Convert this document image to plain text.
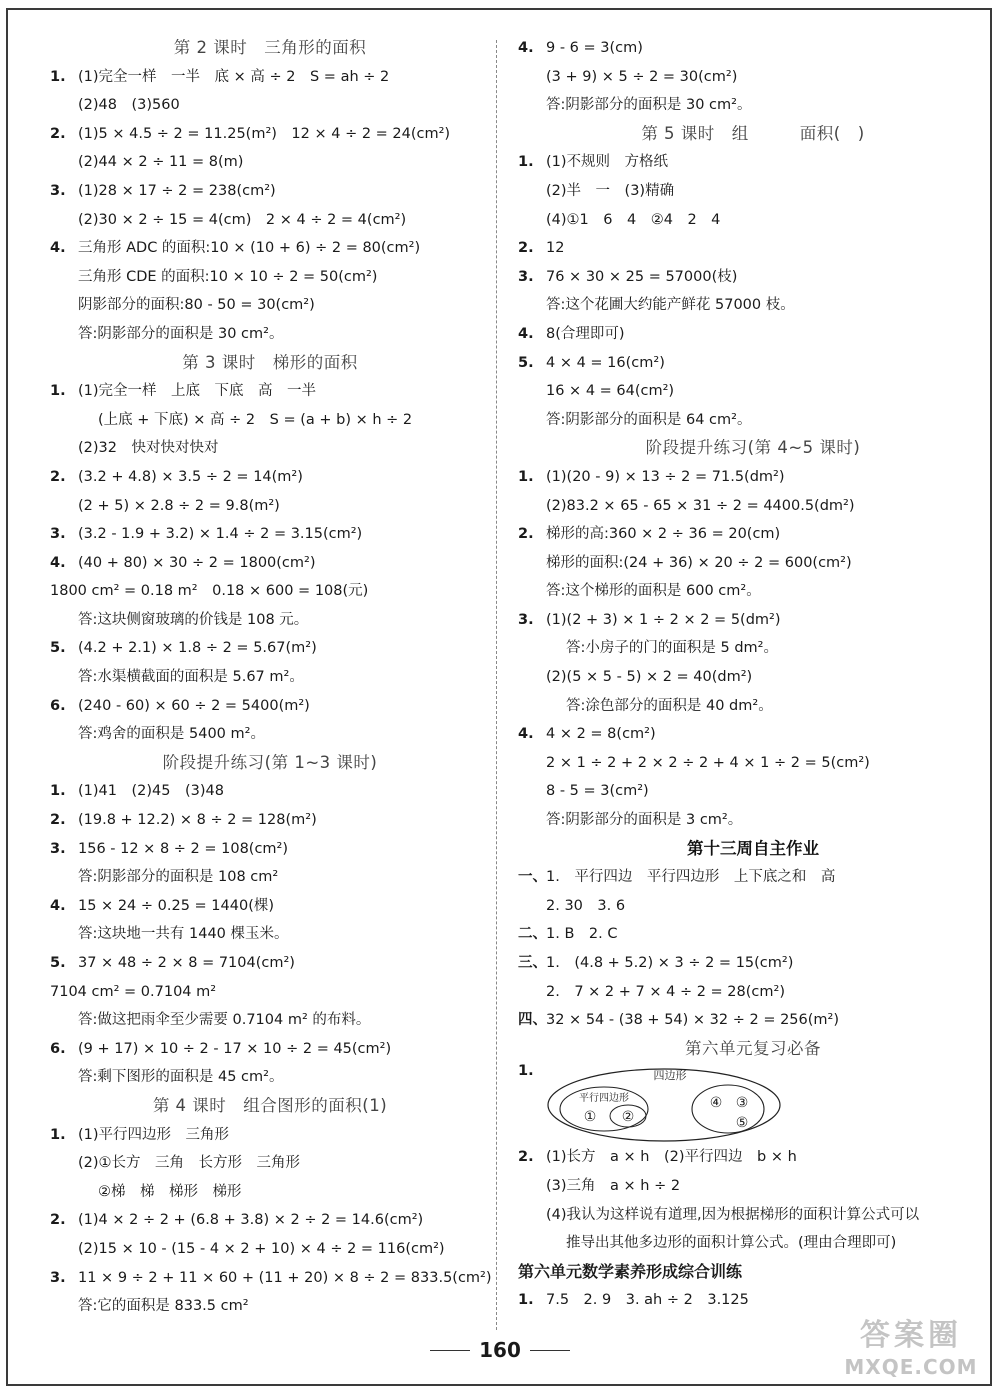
第 2 课时　三角形的面积
1. (1)完全一样　一半　底 × 高 ÷ 2　S = ah ÷ 2
(2)48　(3)560
2. (1)5 × 4.5 ÷ 2 = 11.25(m²)　12 × 4 ÷ 2 = 24(cm²)
(2)44 × 2 ÷ 11 = 8(m)
3. (1)28 × 17 ÷ 2 = 238(cm²)
(2)30 × 2 ÷ 15 = 4(cm)　2 × 4 ÷ 2 = 4(cm²)
4. 三角形 ADC 的面积:10 × (10 + 6) ÷ 2 = 80(cm²)
三角形 CDE 的面积:10 × 10 ÷ 2 = 50(cm²)
阴影部分的面积:80 - 50 = 30(cm²)
答:阴影部分的面积是 30 cm²。
第 3 课时　梯形的面积
1. (1)完全一样　上底　下底　高　一半
(上底 + 下底) × 高 ÷ 2　S = (a + b) × h ÷ 2
(2)32　快对快对快对
2. (3.2 + 4.8) × 3.5 ÷ 2 = 14(m²)
(2 + 5) × 2.8 ÷ 2 = 9.8(m²)
3. (3.2 - 1.9 + 3.2) × 1.4 ÷ 2 = 3.15(cm²)
4. (40 + 80) × 30 ÷ 2 = 1800(cm²)
1800 cm² = 0.18 m²　0.18 × 600 = 108(元)
答:这块侧窗玻璃的价钱是 108 元。
5. (4.2 + 2.1) × 1.8 ÷ 2 = 5.67(m²)
答:水渠横截面的面积是 5.67 m²。
6. (240 - 60) × 60 ÷ 2 = 5400(m²)
答:鸡舍的面积是 5400 m²。
阶段提升练习(第 1~3 课时)
1. (1)41　(2)45　(3)48
2. (19.8 + 12.2) × 8 ÷ 2 = 128(m²)
3. 156 - 12 × 8 ÷ 2 = 108(cm²)
答:阴影部分的面积是 108 cm²
4. 15 × 24 ÷ 0.25 = 1440(棵)
答:这块地一共有 1440 棵玉米。
5. 37 × 48 ÷ 2 × 8 = 7104(cm²)
7104 cm² = 0.7104 m²
答:做这把雨伞至少需要 0.7104 m² 的布料。
6. (9 + 17) × 10 ÷ 2 - 17 × 10 ÷ 2 = 45(cm²)
答:剩下图形的面积是 45 cm²。
第 4 课时　组合图形的面积(1)
1. (1)平行四边形　三角形
(2)①长方　三角　长方形　三角形
②梯　梯　梯形　梯形
2. (1)4 × 2 ÷ 2 + (6.8 + 3.8) × 2 ÷ 2 = 14.6(cm²)
(2)15 × 10 - (15 - 4 × 2 + 10) × 4 ÷ 2 = 116(cm²)
3. 11 × 9 ÷ 2 + 11 × 60 + (11 + 20) × 8 ÷ 2 = 833.5(cm²)
答:它的面积是 833.5 cm²
4. 9 - 6 = 3(cm)
(3 + 9) × 5 ÷ 2 = 30(cm²)
答:阴影部分的面积是 30 cm²。
第 5 课时　组　　　面积(　)
1. (1)不规则　方格纸
(2)半　一　(3)精确
(4)①1　6　4　②4　2　4
2. 12
3. 76 × 30 × 25 = 57000(枝)
答:这个花圃大约能产鲜花 57000 枝。
4. 8(合理即可)
5. 4 × 4 = 16(cm²)
16 × 4 = 64(cm²)
答:阴影部分的面积是 64 cm²。
阶段提升练习(第 4~5 课时)
1. (1)(20 - 9) × 13 ÷ 2 = 71.5(dm²)
(2)83.2 × 65 - 65 × 31 ÷ 2 = 4400.5(dm²)
2. 梯形的高:360 × 2 ÷ 36 = 20(cm)
梯形的面积:(24 + 36) × 20 ÷ 2 = 600(cm²)
答:这个梯形的面积是 600 cm²。
3. (1)(2 + 3) × 1 ÷ 2 × 2 = 5(dm²)
答:小房子的门的面积是 5 dm²。
(2)(5 × 5 - 5) × 2 = 40(dm²)
答:涂色部分的面积是 40 dm²。
4. 4 × 2 = 8(cm²)
2 × 1 ÷ 2 + 2 × 2 ÷ 2 + 4 × 1 ÷ 2 = 5(cm²)
8 - 5 = 3(cm²)
答:阴影部分的面积是 3 cm²。
第十三周自主作业
一、 1.　平行四边　平行四边形　上下底之和　高
2. 30　3. 6
二、 1. B　2. C
三、 1.　(4.8 + 5.2) × 3 ÷ 2 = 15(cm²)
2.　7 × 2 + 7 × 4 ÷ 2 = 28(cm²)
四、 32 × 54 - (38 + 54) × 32 ÷ 2 = 256(m²)
第六单元复习必备
1.	四边形
平行四边形
① ②
④ ③
⑤
2. (1)长方　a × h　(2)平行四边　b × h
(3)三角　a × h ÷ 2
(4)我认为这样说有道理,因为根据梯形的面积计算公式可以
推导出其他多边形的面积计算公式。(理由合理即可)
第六单元数学素养形成综合训练
1. 7.5　2. 9　3. ah ÷ 2　3.125
160	答案圈
MXQE.COM
